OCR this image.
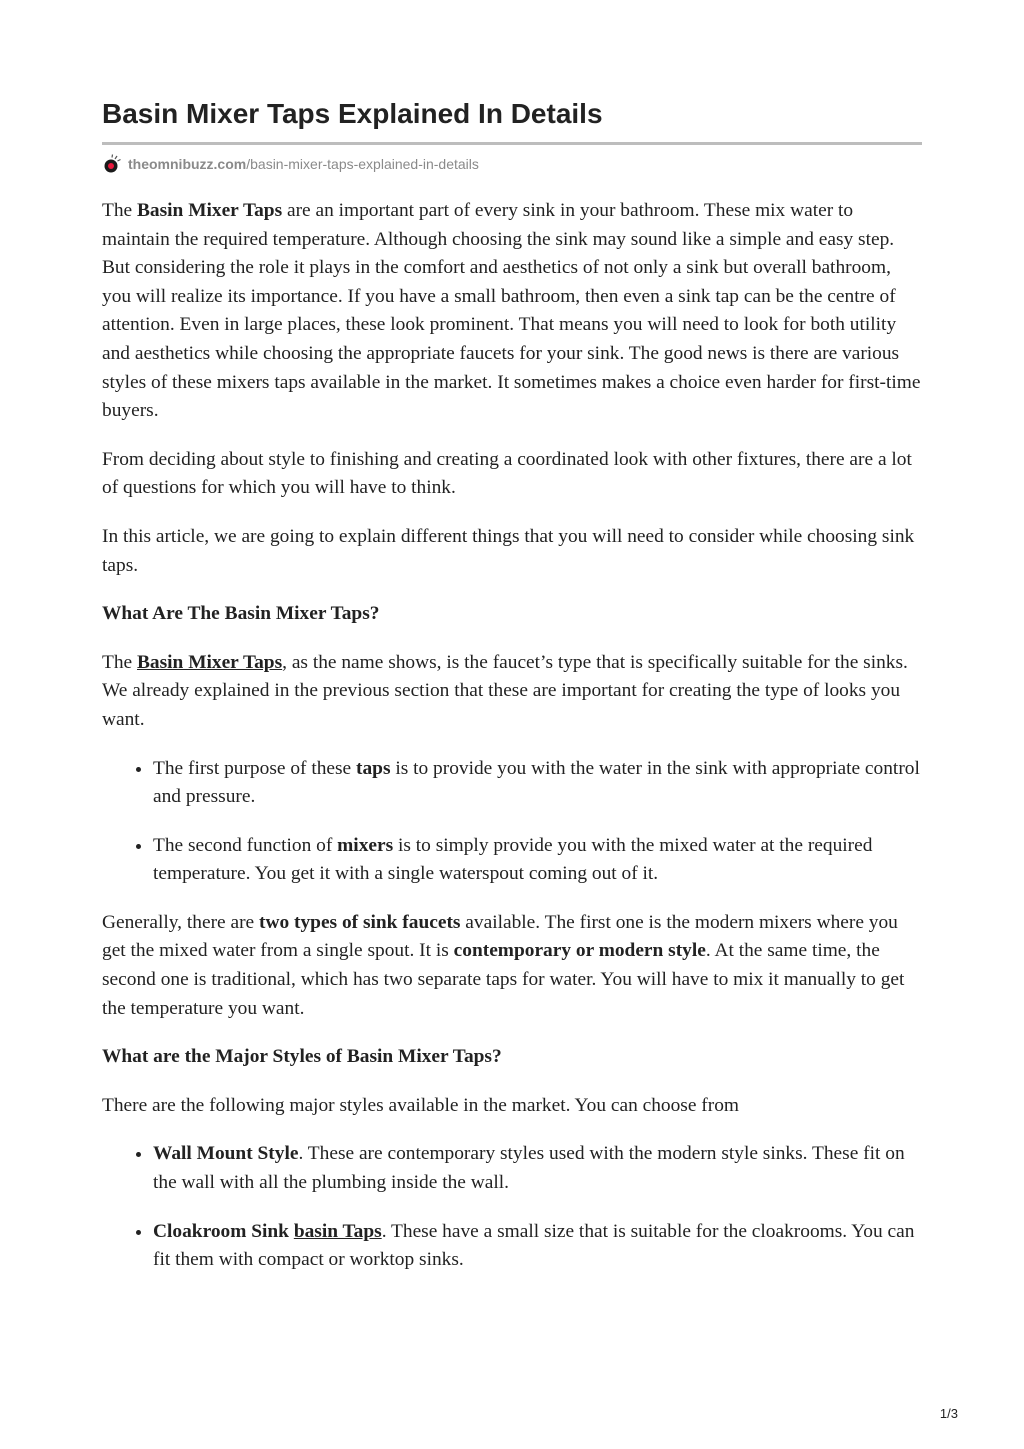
Basin Mixer Taps Explained In Details
theomnibuzz.com/basin-mixer-taps-explained-in-details

The Basin Mixer Taps are an important part of every sink in your bathroom. These mix water to maintain the required temperature. Although choosing the sink may sound like a simple and easy step. But considering the role it plays in the comfort and aesthetics of not only a sink but overall bathroom, you will realize its importance. If you have a small bathroom, then even a sink tap can be the centre of attention. Even in large places, these look prominent. That means you will need to look for both utility and aesthetics while choosing the appropriate faucets for your sink. The good news is there are various styles of these mixers taps available in the market. It sometimes makes a choice even harder for first-time buyers.

From deciding about style to finishing and creating a coordinated look with other fixtures, there are a lot of questions for which you will have to think.

In this article, we are going to explain different things that you will need to consider while choosing sink taps.

What Are The Basin Mixer Taps?

The Basin Mixer Taps, as the name shows, is the faucet’s type that is specifically suitable for the sinks. We already explained in the previous section that these are important for creating the type of looks you want.

• The first purpose of these taps is to provide you with the water in the sink with appropriate control and pressure.
• The second function of mixers is to simply provide you with the mixed water at the required temperature. You get it with a single waterspout coming out of it.

Generally, there are two types of sink faucets available. The first one is the modern mixers where you get the mixed water from a single spout. It is contemporary or modern style. At the same time, the second one is traditional, which has two separate taps for water. You will have to mix it manually to get the temperature you want.

What are the Major Styles of Basin Mixer Taps?

There are the following major styles available in the market. You can choose from

• Wall Mount Style. These are contemporary styles used with the modern style sinks. These fit on the wall with all the plumbing inside the wall.
• Cloakroom Sink basin Taps. These have a small size that is suitable for the cloakrooms. You can fit them with compact or worktop sinks.
1/3
